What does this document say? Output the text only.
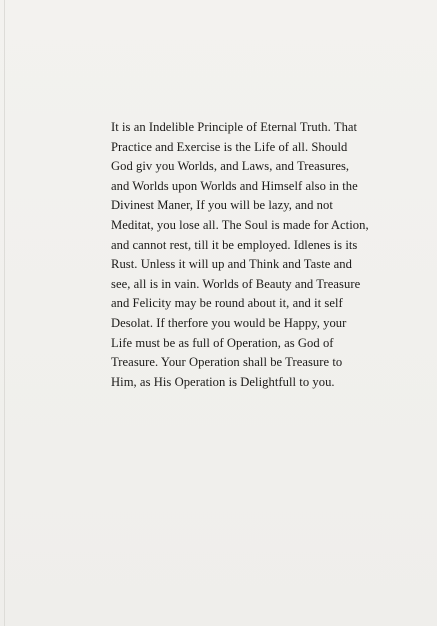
It is an Indelible Principle of Eternal Truth. That
Practice and Exercise is the Life of all. Should
God giv you Worlds, and Laws, and Treasures,
and Worlds upon Worlds and Himself also in the
Divinest Maner, If you will be lazy, and not
Meditat, you lose all. The Soul is made for Action,
and cannot rest, till it be employed. Idlenes is its
Rust. Unless it will up and Think and Taste and
see, all is in vain. Worlds of Beauty and Treasure
and Felicity may be round about it, and it self
Desolat. If therfore you would be Happy, your
Life must be as full of Operation, as God of
Treasure. Your Operation shall be Treasure to
Him, as His Operation is Delightfull to you.
